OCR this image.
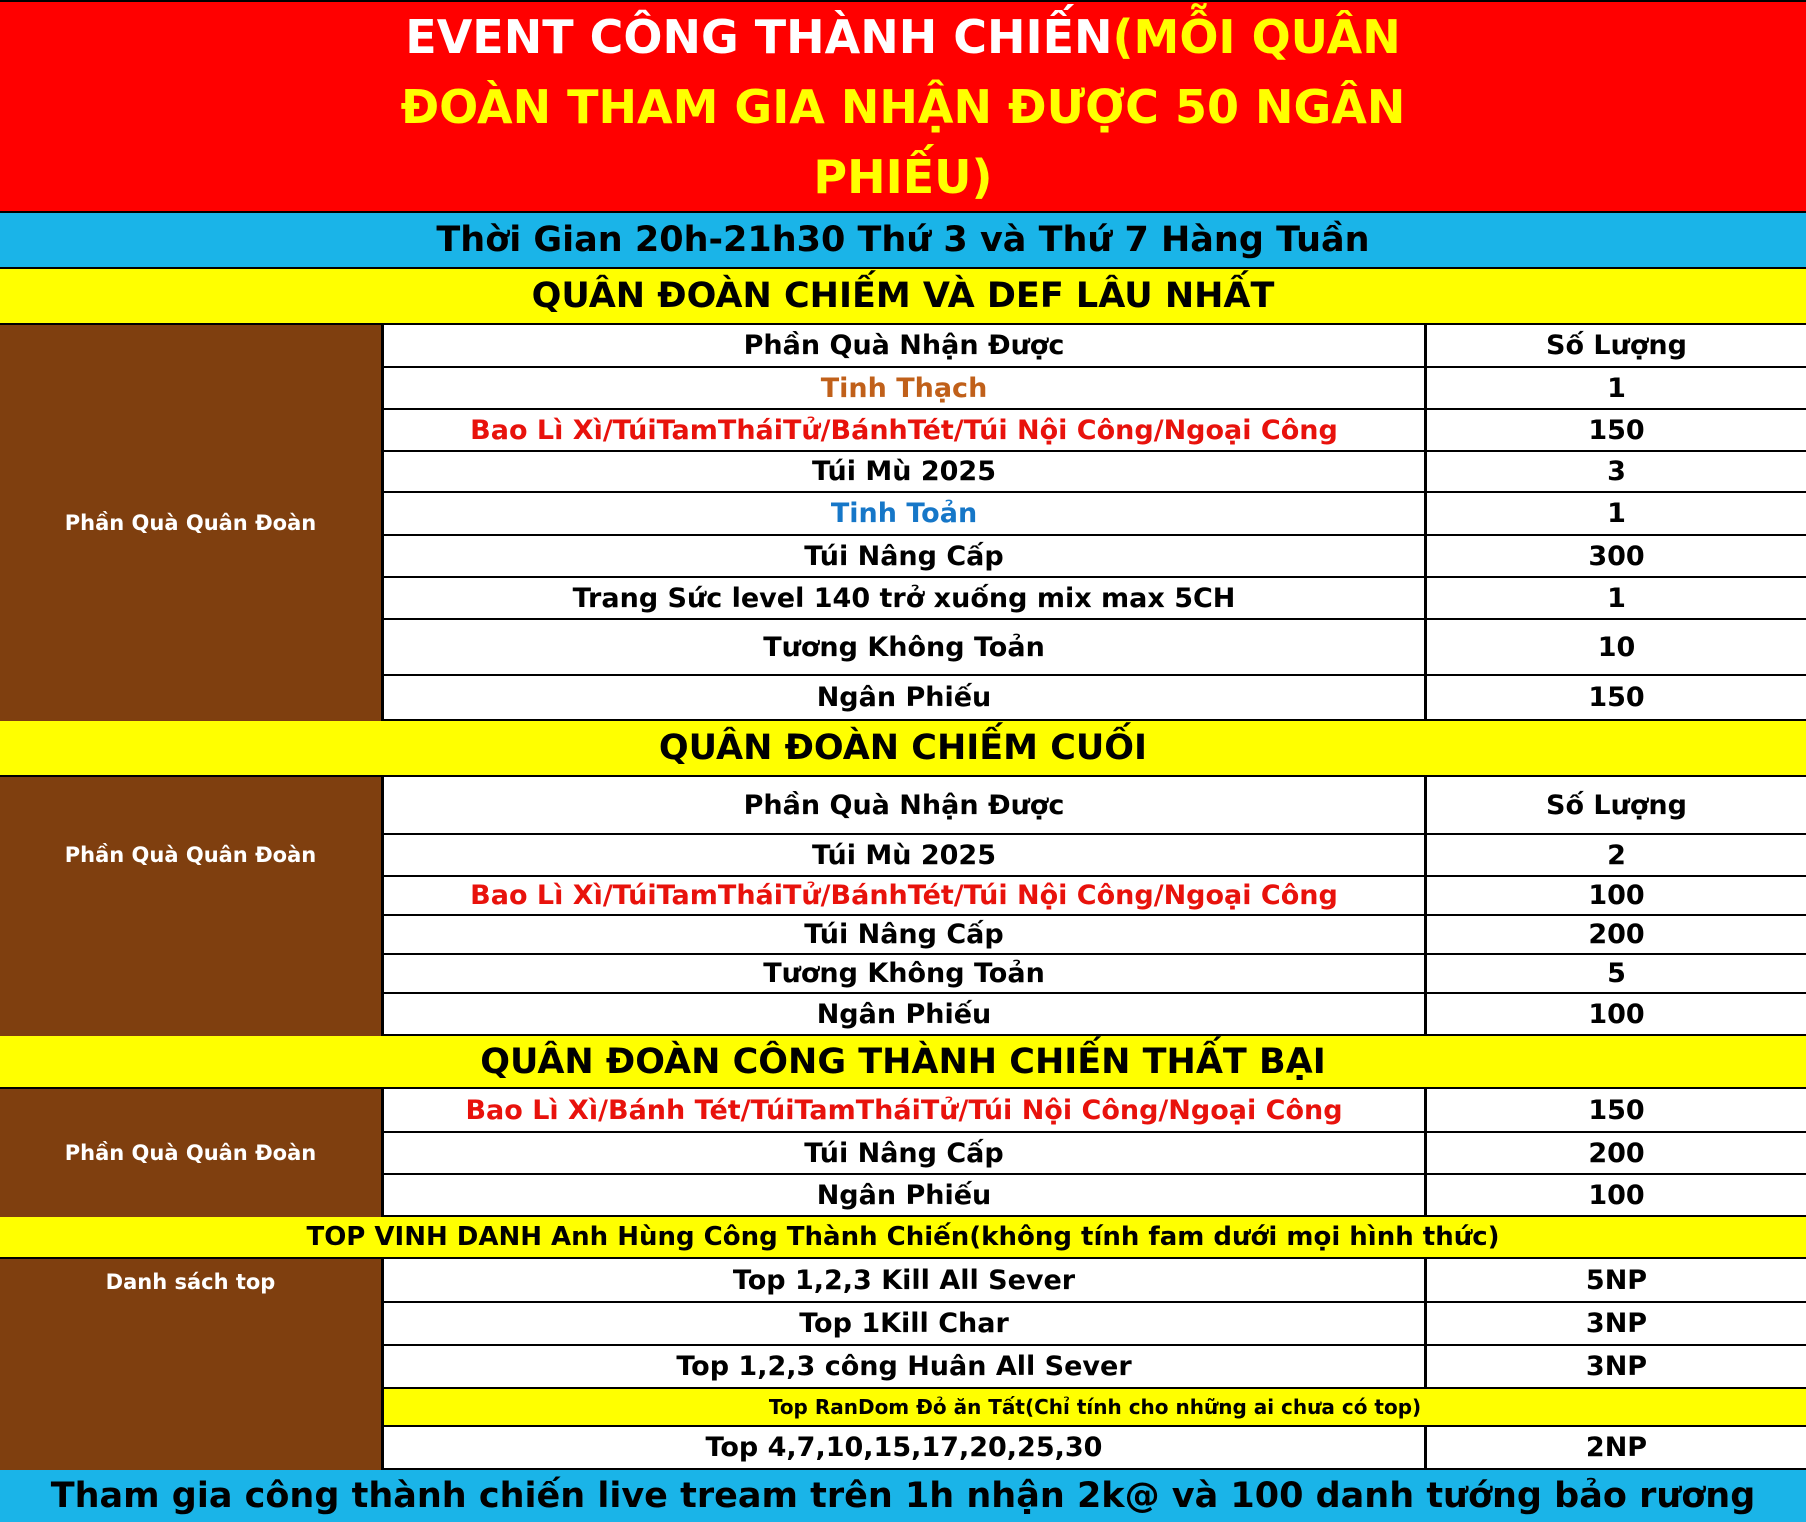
EVENT CÔNG THÀNH CHIẾN(MỖI QUÂN
ĐOÀN THAM GIA NHẬN ĐƯỢC 50 NGÂN
PHIẾU)
Thời Gian 20h-21h30 Thứ 3 và Thứ 7 Hàng Tuần
QUÂN ĐOÀN CHIẾM VÀ DEF LÂU NHẤT
Phần Quà Quân Đoàn
Phần Quà Nhận Được	Số Lượng
Tinh Thạch	1
Bao Lì Xì/TúiTamTháiTử/BánhTét/Túi Nội Công/Ngoại Công	150
Túi Mù 2025	3
Tinh Toản	1
Túi Nâng Cấp	300
Trang Sức level 140 trở xuống mix max 5CH	1
Tương Không Toản	10
Ngân Phiếu	150
QUÂN ĐOÀN CHIẾM CUỐI
Phần Quà Quân Đoàn
Phần Quà Nhận Được	Số Lượng
Túi Mù 2025	2
Bao Lì Xì/TúiTamTháiTử/BánhTét/Túi Nội Công/Ngoại Công	100
Túi Nâng Cấp	200
Tương Không Toản	5
Ngân Phiếu	100
QUÂN ĐOÀN CÔNG THÀNH CHIẾN THẤT BẠI
Phần Quà Quân Đoàn
Bao Lì Xì/Bánh Tét/TúiTamTháiTử/Túi Nội Công/Ngoại Công	150
Túi Nâng Cấp	200
Ngân Phiếu	100
TOP VINH DANH Anh Hùng Công Thành Chiến(không tính fam dưới mọi hình thức)
Danh sách top	Top 1,2,3 Kill All Sever	5NP
Top 1Kill Char	3NP
Top 1,2,3 công Huân All Sever	3NP
Top RanDom Đỏ ăn Tất(Chỉ tính cho những ai chưa có top)
Top 4,7,10,15,17,20,25,30	2NP
Tham gia công thành chiến live tream trên 1h nhận 2k@ và 100 danh tướng bảo rương
